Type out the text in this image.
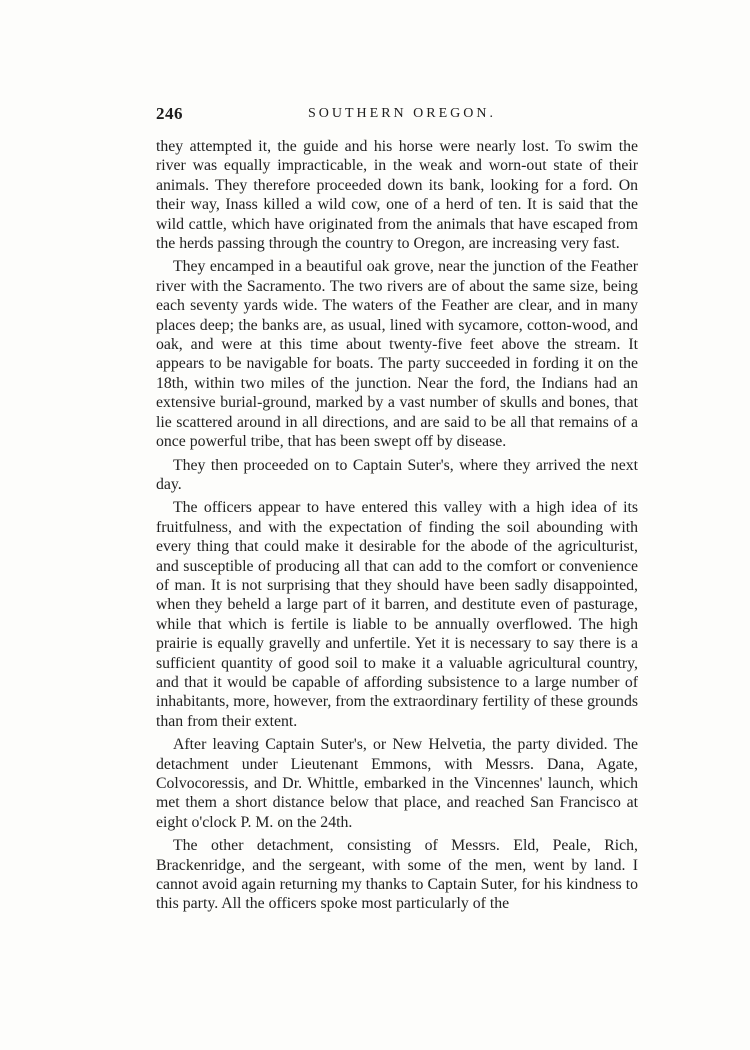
246	SOUTHERN OREGON.

they attempted it, the guide and his horse were nearly lost. To swim the river was equally impracticable, in the weak and worn-out state of their animals. They therefore proceeded down its bank, looking for a ford. On their way, Inass killed a wild cow, one of a herd of ten. It is said that the wild cattle, which have originated from the animals that have escaped from the herds passing through the country to Oregon, are increasing very fast.

They encamped in a beautiful oak grove, near the junction of the Feather river with the Sacramento. The two rivers are of about the same size, being each seventy yards wide. The waters of the Feather are clear, and in many places deep; the banks are, as usual, lined with sycamore, cotton-wood, and oak, and were at this time about twenty-five feet above the stream. It appears to be navigable for boats. The party succeeded in fording it on the 18th, within two miles of the junction. Near the ford, the Indians had an extensive burial-ground, marked by a vast number of skulls and bones, that lie scattered around in all directions, and are said to be all that remains of a once powerful tribe, that has been swept off by disease.

They then proceeded on to Captain Suter's, where they arrived the next day.

The officers appear to have entered this valley with a high idea of its fruitfulness, and with the expectation of finding the soil abounding with every thing that could make it desirable for the abode of the agriculturist, and susceptible of producing all that can add to the comfort or convenience of man. It is not surprising that they should have been sadly disappointed, when they beheld a large part of it barren, and destitute even of pasturage, while that which is fertile is liable to be annually overflowed. The high prairie is equally gravelly and unfertile. Yet it is necessary to say there is a sufficient quantity of good soil to make it a valuable agricultural country, and that it would be capable of affording subsistence to a large number of inhabitants, more, however, from the extraordinary fertility of these grounds than from their extent.

After leaving Captain Suter's, or New Helvetia, the party divided. The detachment under Lieutenant Emmons, with Messrs. Dana, Agate, Colvocoressis, and Dr. Whittle, embarked in the Vincennes' launch, which met them a short distance below that place, and reached San Francisco at eight o'clock P. M. on the 24th.

The other detachment, consisting of Messrs. Eld, Peale, Rich, Brackenridge, and the sergeant, with some of the men, went by land. I cannot avoid again returning my thanks to Captain Suter, for his kindness to this party. All the officers spoke most particularly of the
